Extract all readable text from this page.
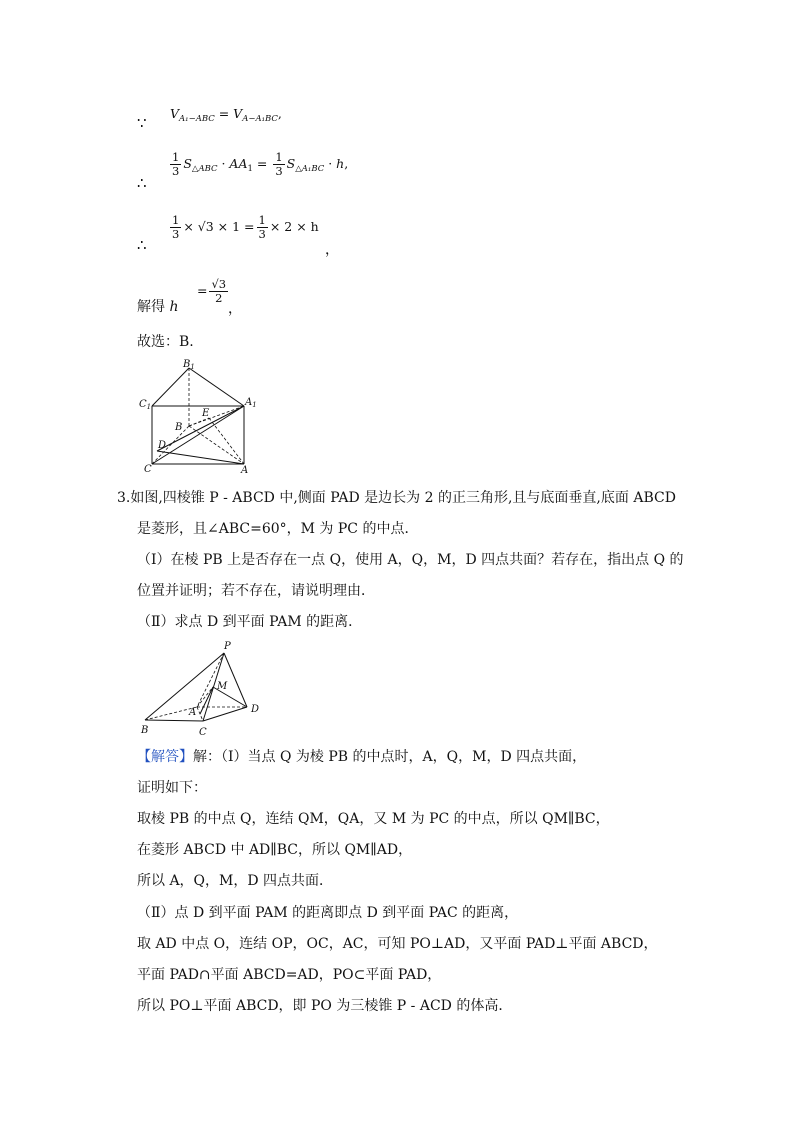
∵
$V_{A_1-ABC} = V_{A-A_1BC}$,
∴
$\frac{1}{3} S_{\triangle ABC} \cdot AA_1 = \frac{1}{3} S_{\triangle A_1BC} \cdot h$,
∴
$\frac{1}{3} \times √3 \times 1 = \frac{1}{3} \times 2 \times h$
，
解得 h
= $\frac{√3}{2}$
，
故选：B.
$B_1$
$C_1$	$A_1$
E
B
D
C	A
3.如图,四棱锥 P - ABCD 中,侧面 PAD 是边长为 2 的正三角形,且与底面垂直,底面 ABCD
是菱形，且∠ABC=60°，M 为 PC 的中点．
（Ⅰ）在棱 PB 上是否存在一点 Q，使用 A，Q，M，D 四点共面？若存在，指出点 Q 的
位置并证明；若不存在，请说明理由．
（Ⅱ）求点 D 到平面 PAM 的距离．
P
M
A	D
B	C
【解答】解：（Ⅰ）当点 Q 为棱 PB 的中点时，A，Q，M，D 四点共面，
证明如下：
取棱 PB 的中点 Q，连结 QM，QA，又 M 为 PC 的中点，所以 QM∥BC，
在菱形 ABCD 中 AD∥BC，所以 QM∥AD，
所以 A，Q，M，D 四点共面．
（Ⅱ）点 D 到平面 PAM 的距离即点 D 到平面 PAC 的距离，
取 AD 中点 O，连结 OP，OC，AC，可知 PO⊥AD，又平面 PAD⊥平面 ABCD，
平面 PAD∩平面 ABCD=AD，PO⊂平面 PAD，
所以 PO⊥平面 ABCD，即 PO 为三棱锥 P - ACD 的体高．
